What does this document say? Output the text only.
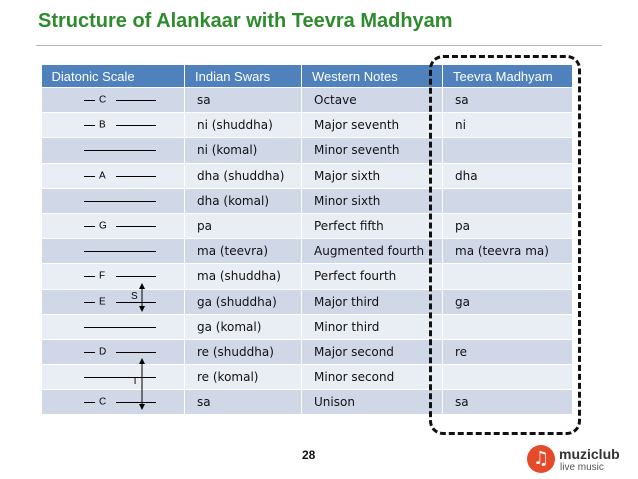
Structure of Alankaar with Teevra Madhyam
Diatonic Scale	Indian Swars	Western Notes	Teevra Madhyam

C	sa	Octave	sa

B	ni (shuddha)	Major seventh	ni

	ni (komal)	Minor seventh	

A	dha (shuddha)	Major sixth	dha

	dha (komal)	Minor sixth	

G	pa	Perfect fifth	pa

	ma (teevra)	Augmented fourth	ma (teevra ma)

F	ma (shuddha)	Perfect fourth	

E	ga (shuddha)	Major third	ga

	ga (komal)	Minor third	

D	re (shuddha)	Major second	re

	re (komal)	Minor second	

C	sa	Unison	sa
S
T
28	♫ muziclub
live music
